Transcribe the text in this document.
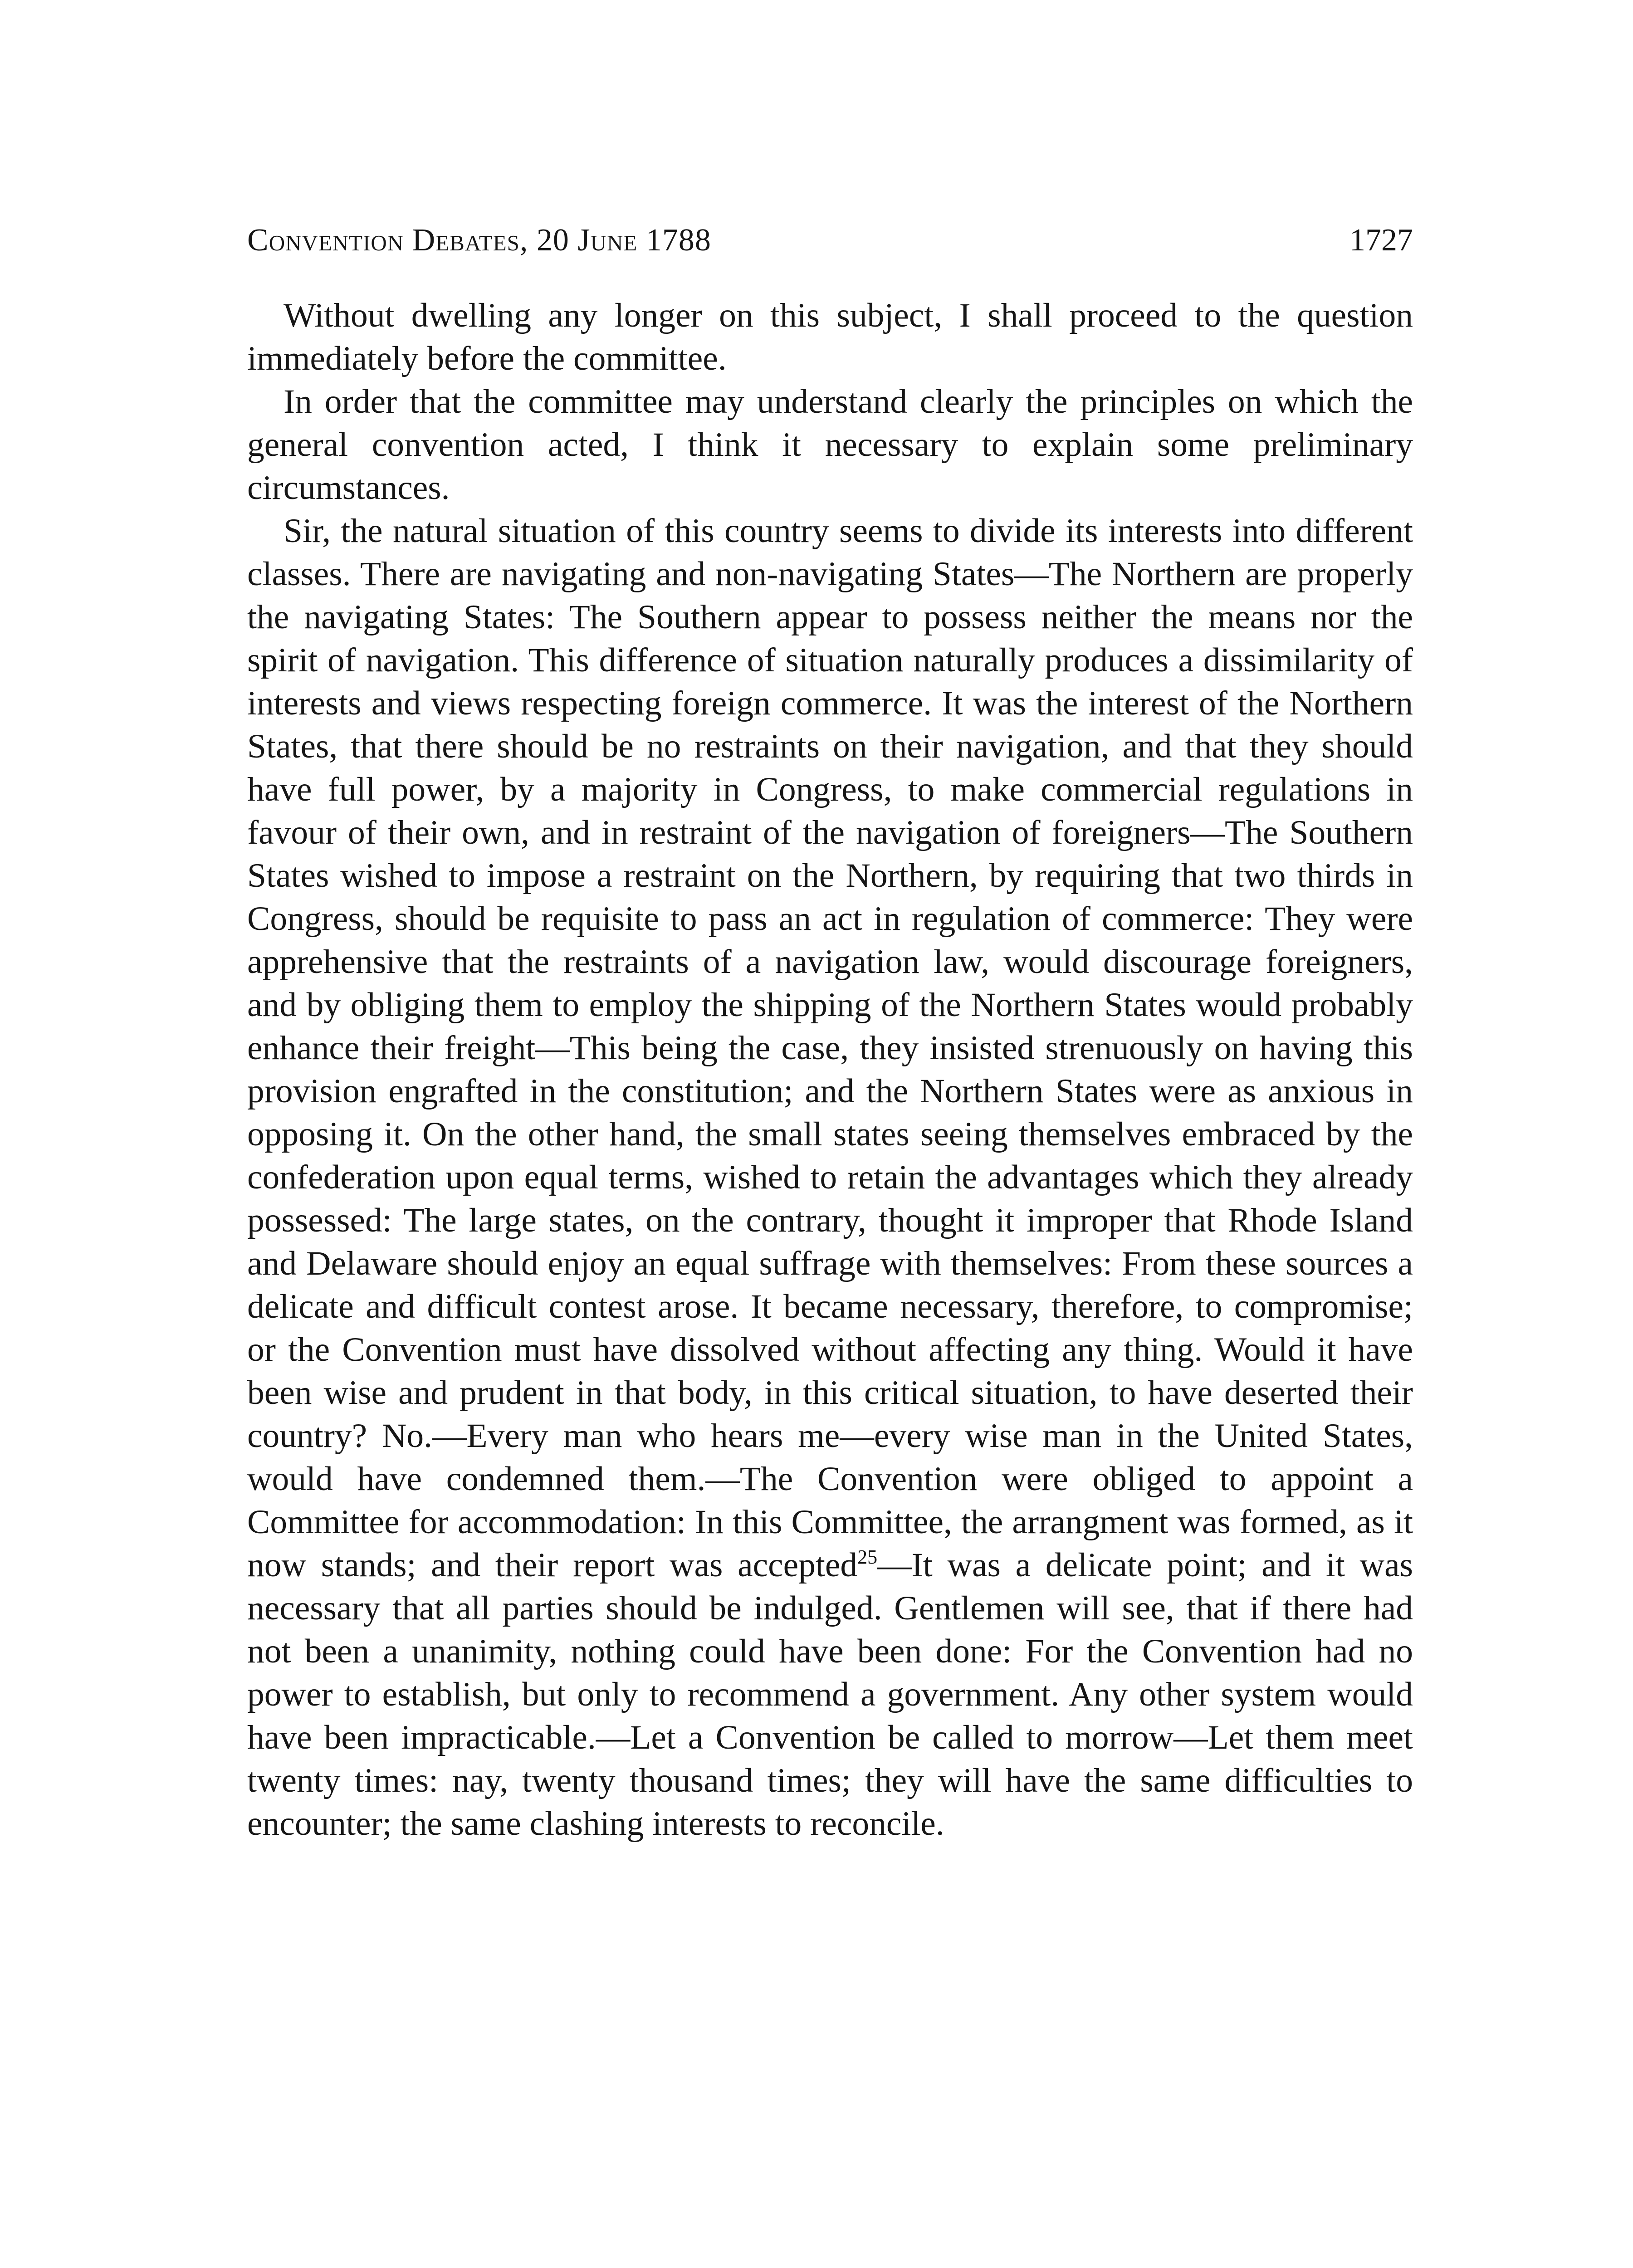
Convention Debates, 20 June 1788	1727

Without dwelling any longer on this subject, I shall proceed to the question immediately before the committee.

In order that the committee may understand clearly the principles on which the general convention acted, I think it necessary to explain some preliminary circumstances.

Sir, the natural situation of this country seems to divide its interests into different classes. There are navigating and non-navigating States—The Northern are properly the navigating States: The Southern appear to possess neither the means nor the spirit of navigation. This difference of situation naturally produces a dissimilarity of interests and views respecting foreign commerce. It was the interest of the Northern States, that there should be no restraints on their navigation, and that they should have full power, by a majority in Congress, to make commercial regulations in favour of their own, and in restraint of the navigation of foreigners—The Southern States wished to impose a restraint on the Northern, by requiring that two thirds in Congress, should be requisite to pass an act in regulation of commerce: They were apprehensive that the restraints of a navigation law, would discourage foreigners, and by obliging them to employ the shipping of the Northern States would probably enhance their freight—This being the case, they insisted strenuously on having this provision engrafted in the constitution; and the Northern States were as anxious in opposing it. On the other hand, the small states seeing themselves embraced by the confederation upon equal terms, wished to retain the advantages which they already possessed: The large states, on the contrary, thought it improper that Rhode Island and Delaware should enjoy an equal suffrage with themselves: From these sources a delicate and difficult contest arose. It became necessary, therefore, to compromise; or the Convention must have dissolved without affecting any thing. Would it have been wise and prudent in that body, in this critical situation, to have deserted their country? No.—Every man who hears me—every wise man in the United States, would have condemned them.—The Convention were obliged to appoint a Committee for accommodation: In this Committee, the arrangment was formed, as it now stands; and their report was accepted$^{25}$—It was a delicate point; and it was necessary that all parties should be indulged. Gentlemen will see, that if there had not been a unanimity, nothing could have been done: For the Convention had no power to establish, but only to recommend a government. Any other system would have been impracticable.—Let a Convention be called to morrow—Let them meet twenty times: nay, twenty thousand times; they will have the same difficulties to encounter; the same clashing interests to reconcile.
